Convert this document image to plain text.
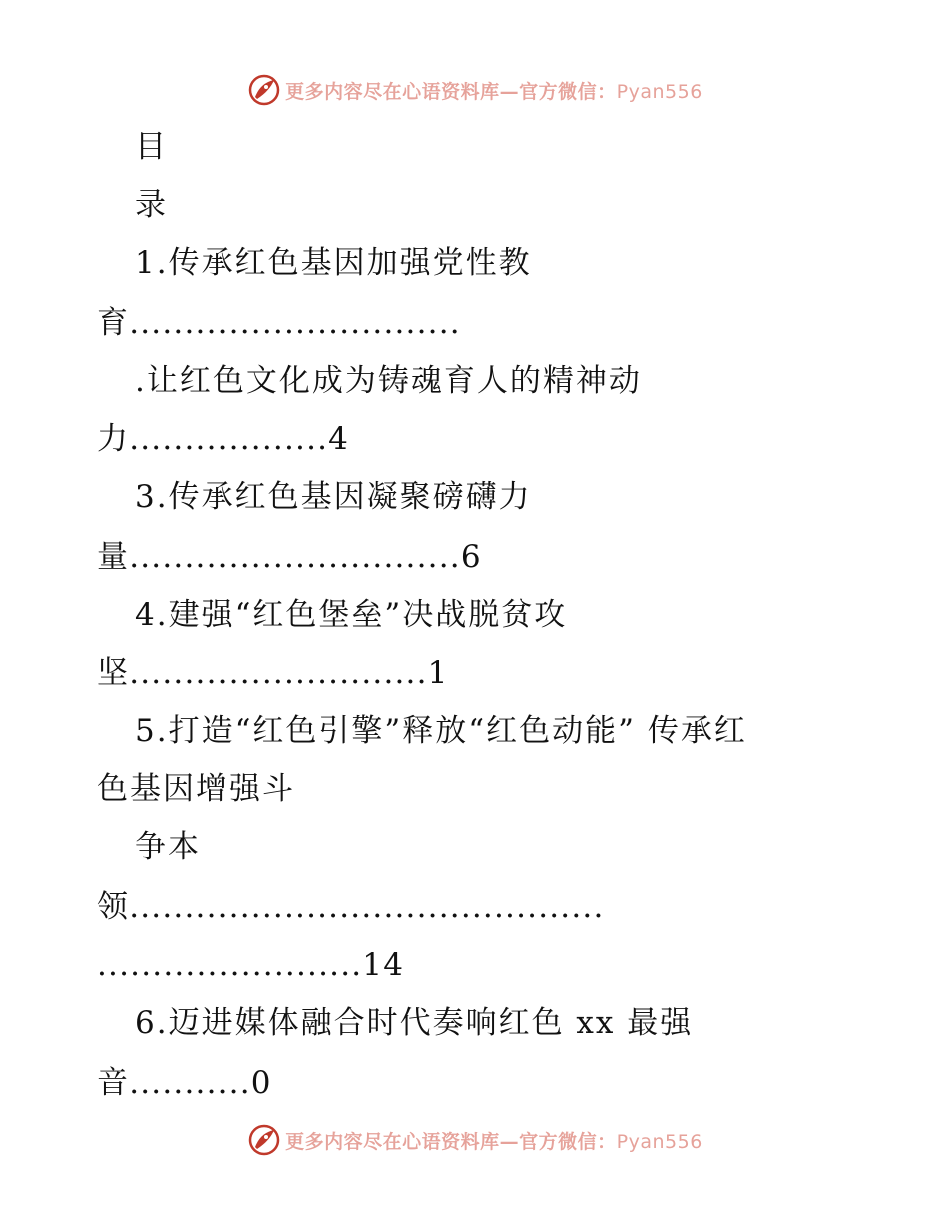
更多内容尽在心语资料库—官方微信：Pyan556
目
录
1.传承红色基因加强党性教
育..............................
.让红色文化成为铸魂育人的精神动
力..................4
3.传承红色基因凝聚磅礴力
量..............................6
4.建强“红色堡垒”决战脱贫攻
坚...........................1
5.打造“红色引擎”释放“红色动能” 传承红
色基因增强斗
争本
领...........................................
........................14
6.迈进媒体融合时代奏响红色 xx 最强
音...........0
更多内容尽在心语资料库—官方微信：Pyan556
